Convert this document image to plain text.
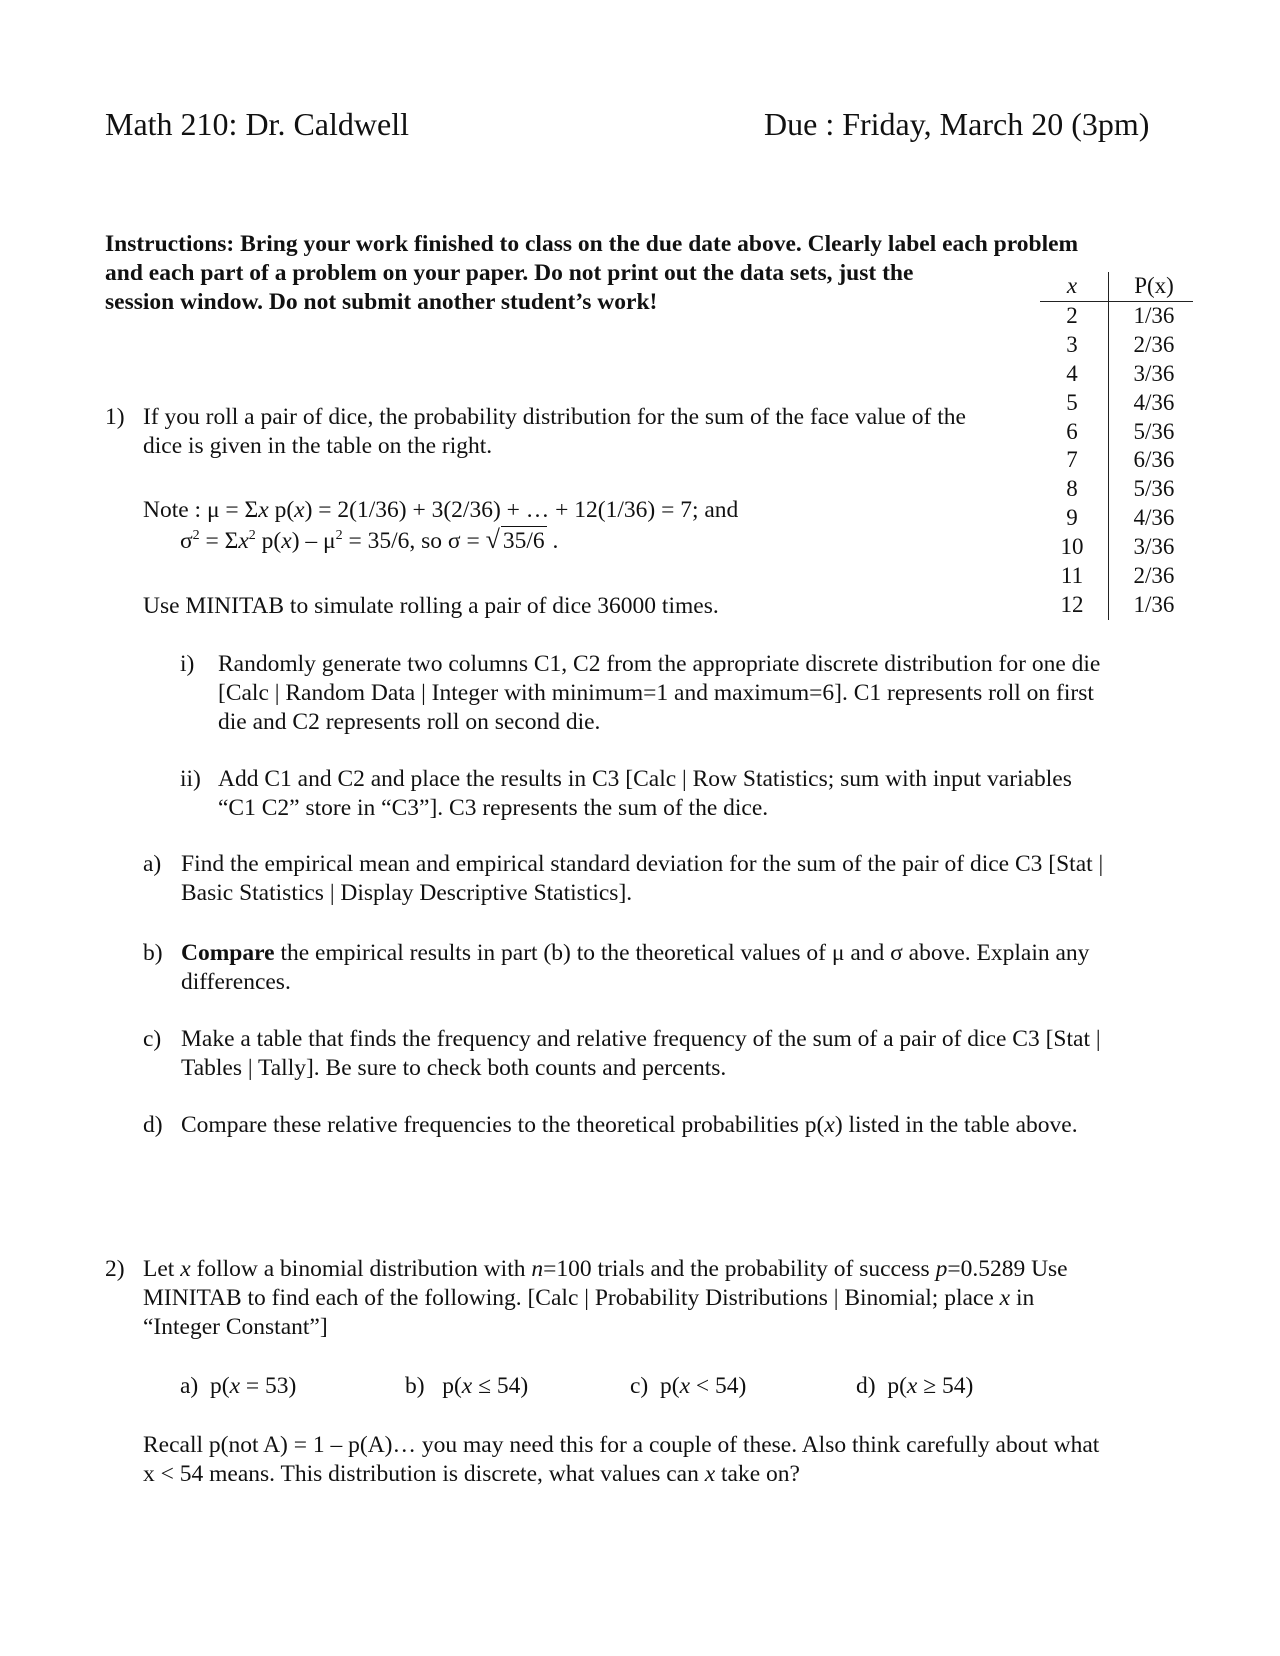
Math 210: Dr. Caldwell	Due : Friday, March 20 (3pm)
Instructions: Bring your work finished to class on the due date above. Clearly label each problem
and each part of a problem on your paper. Do not print out the data sets, just the
session window. Do not submit another student’s work!
x	P(x)
2	1/36
3	2/36
4	3/36
5	4/36
6	5/36
7	6/36
8	5/36
9	4/36
10	3/36
11	2/36
12	1/36
1) If you roll a pair of dice, the probability distribution for the sum of the face value of the
dice is given in the table on the right.
Note : μ = Σx p(x) = 2(1/36) + 3(2/36) + … + 12(1/36) = 7; and
$\sigma^2 = \Sigma x^2$ $p(x) - \mu^2 = 35/6$, so σ = √ 35/6 .
Use MINITAB to simulate rolling a pair of dice 36000 times.
i) Randomly generate two columns C1, C2 from the appropriate discrete distribution for one die
[Calc | Random Data | Integer with minimum=1 and maximum=6]. C1 represents roll on first
die and C2 represents roll on second die.
ii) Add C1 and C2 and place the results in C3 [Calc | Row Statistics; sum with input variables
“C1 C2” store in “C3”]. C3 represents the sum of the dice.
a) Find the empirical mean and empirical standard deviation for the sum of the pair of dice C3 [Stat |
Basic Statistics | Display Descriptive Statistics].
b) Compare the empirical results in part (b) to the theoretical values of μ and σ above. Explain any
differences.
c) Make a table that finds the frequency and relative frequency of the sum of a pair of dice C3 [Stat |
Tables | Tally]. Be sure to check both counts and percents.
d) Compare these relative frequencies to the theoretical probabilities p(x) listed in the table above.
2) Let x follow a binomial distribution with n=100 trials and the probability of success p=0.5289 Use
MINITAB to find each of the following. [Calc | Probability Distributions | Binomial; place x in
“Integer Constant”]
a) p(x = 53)	b) p(x ≤ 54)	c) p(x < 54)	d) p(x ≥ 54)
Recall p(not A) = 1 – p(A)… you may need this for a couple of these. Also think carefully about what
x < 54 means. This distribution is discrete, what values can x take on?
